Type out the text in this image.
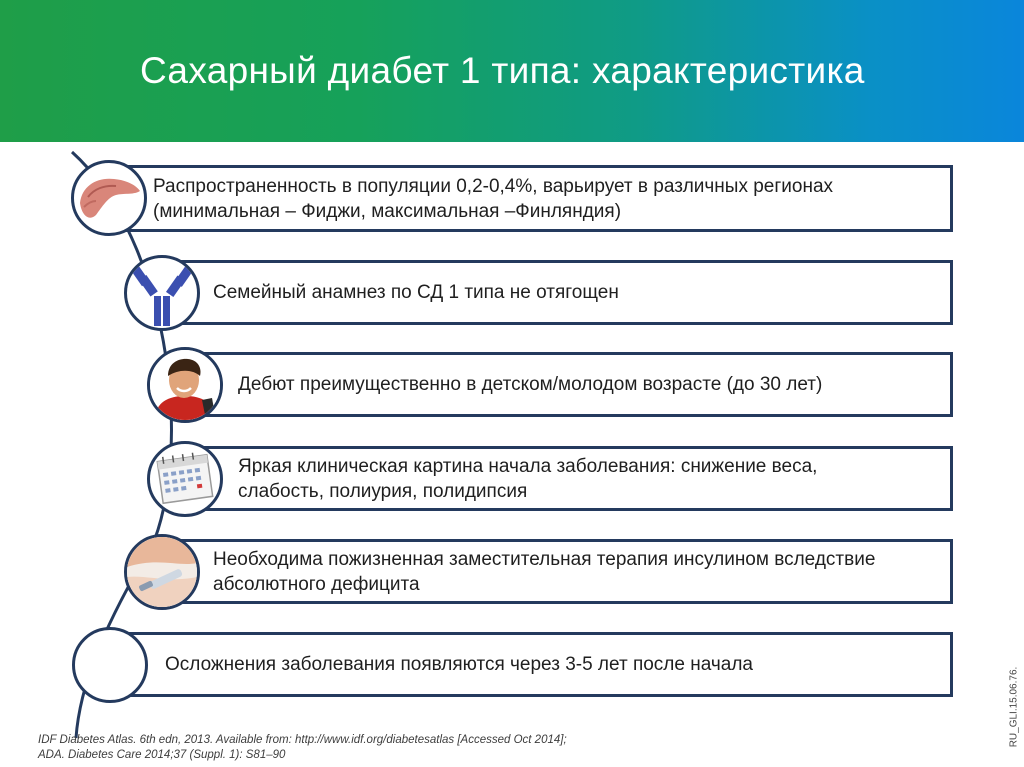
Сахарный диабет 1 типа: характеристика
Распространенность в популяции 0,2-0,4%, варьирует в различных регионах
(минимальная – Фиджи, максимальная –Финляндия)
Семейный анамнез по СД 1 типа не отягощен
Дебют преимущественно в детском/молодом возрасте (до 30 лет)
Яркая клиническая картина начала заболевания: снижение веса,
слабость, полиурия, полидипсия
Необходима пожизненная заместительная терапия инсулином вследствие
абсолютного дефицита
Осложнения заболевания появляются через 3-5 лет после начала
IDF Diabetes Atlas. 6th edn, 2013. Available from: http://www.idf.org/diabetesatlas [Accessed Oct 2014];
ADA. Diabetes Care 2014;37 (Suppl. 1): S81–90
RU_GLI.15.06.76.
